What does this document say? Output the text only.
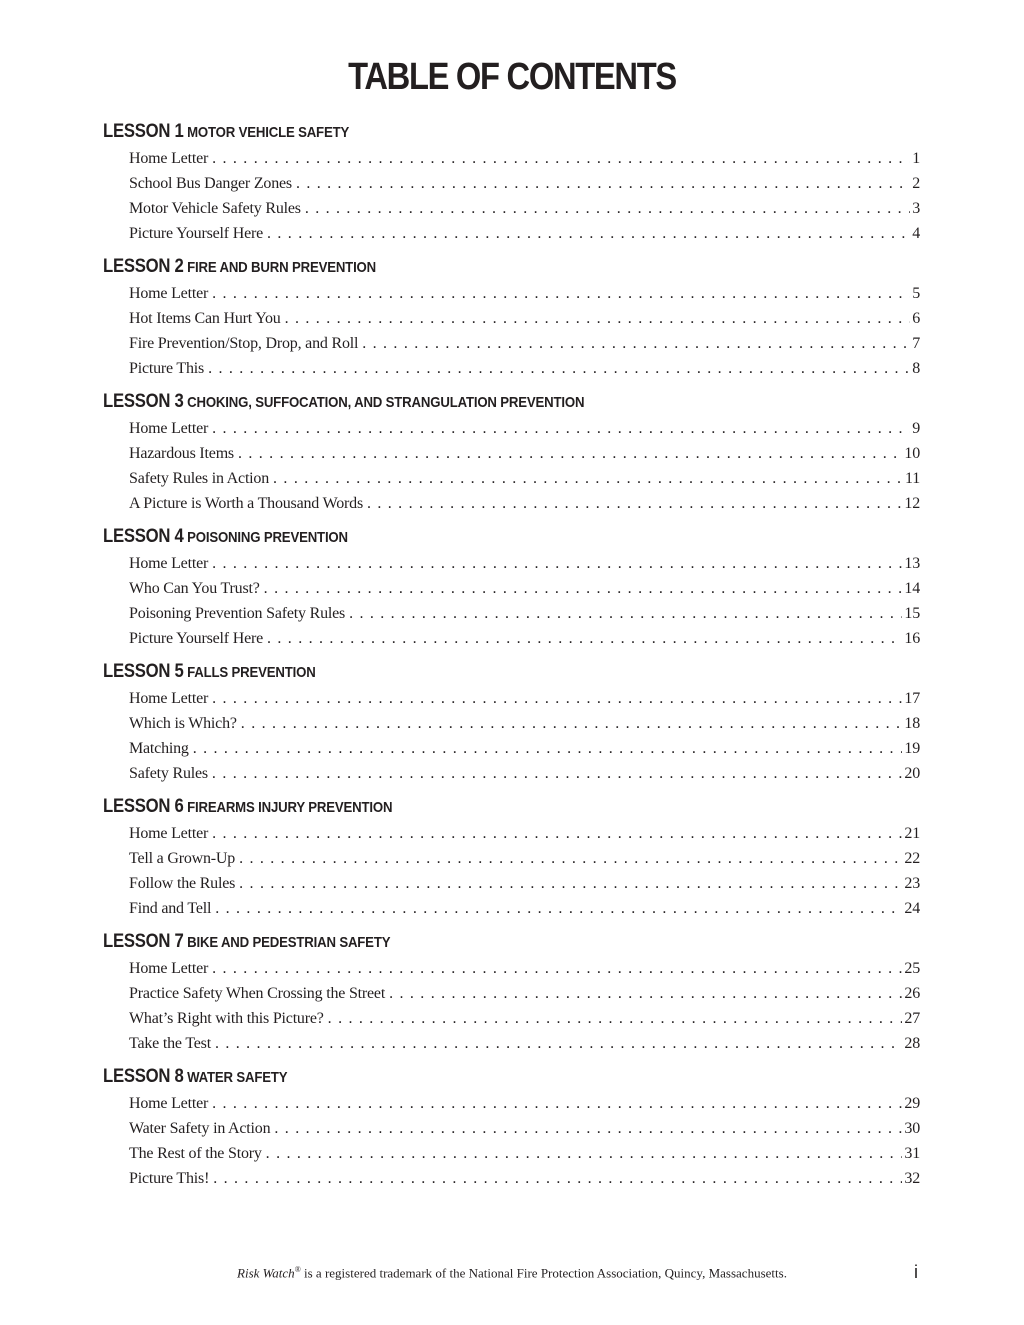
TABLE OF CONTENTS
LESSON 1 MOTOR VEHICLE SAFETY
Home Letter . . .	1
School Bus Danger Zones . . .	2
Motor Vehicle Safety Rules . . .	3
Picture Yourself Here . . .	4
LESSON 2 FIRE AND BURN PREVENTION
Home Letter . . .	5
Hot Items Can Hurt You . . .	6
Fire Prevention/Stop, Drop, and Roll . . .	7
Picture This . . .	8
LESSON 3 CHOKING, SUFFOCATION, AND STRANGULATION PREVENTION
Home Letter . . .	9
Hazardous Items . . .	10
Safety Rules in Action . . .	11
A Picture is Worth a Thousand Words . . .	12
LESSON 4 POISONING PREVENTION
Home Letter . . .	13
Who Can You Trust? . . .	14
Poisoning Prevention Safety Rules . . .	15
Picture Yourself Here . . .	16
LESSON 5 FALLS PREVENTION
Home Letter . . .	17
Which is Which? . . .	18
Matching . . .	19
Safety Rules . . .	20
LESSON 6 FIREARMS INJURY PREVENTION
Home Letter . . .	21
Tell a Grown-Up . . .	22
Follow the Rules . . .	23
Find and Tell . . .	24
LESSON 7 BIKE AND PEDESTRIAN SAFETY
Home Letter . . .	25
Practice Safety When Crossing the Street . . .	26
What’s Right with this Picture? . . .	27
Take the Test . . .	28
LESSON 8 WATER SAFETY
Home Letter . . .	29
Water Safety in Action . . .	30
The Rest of the Story . . .	31
Picture This! . . .	32
Risk Watch® is a registered trademark of the National Fire Protection Association, Quincy, Massachusetts.	i
